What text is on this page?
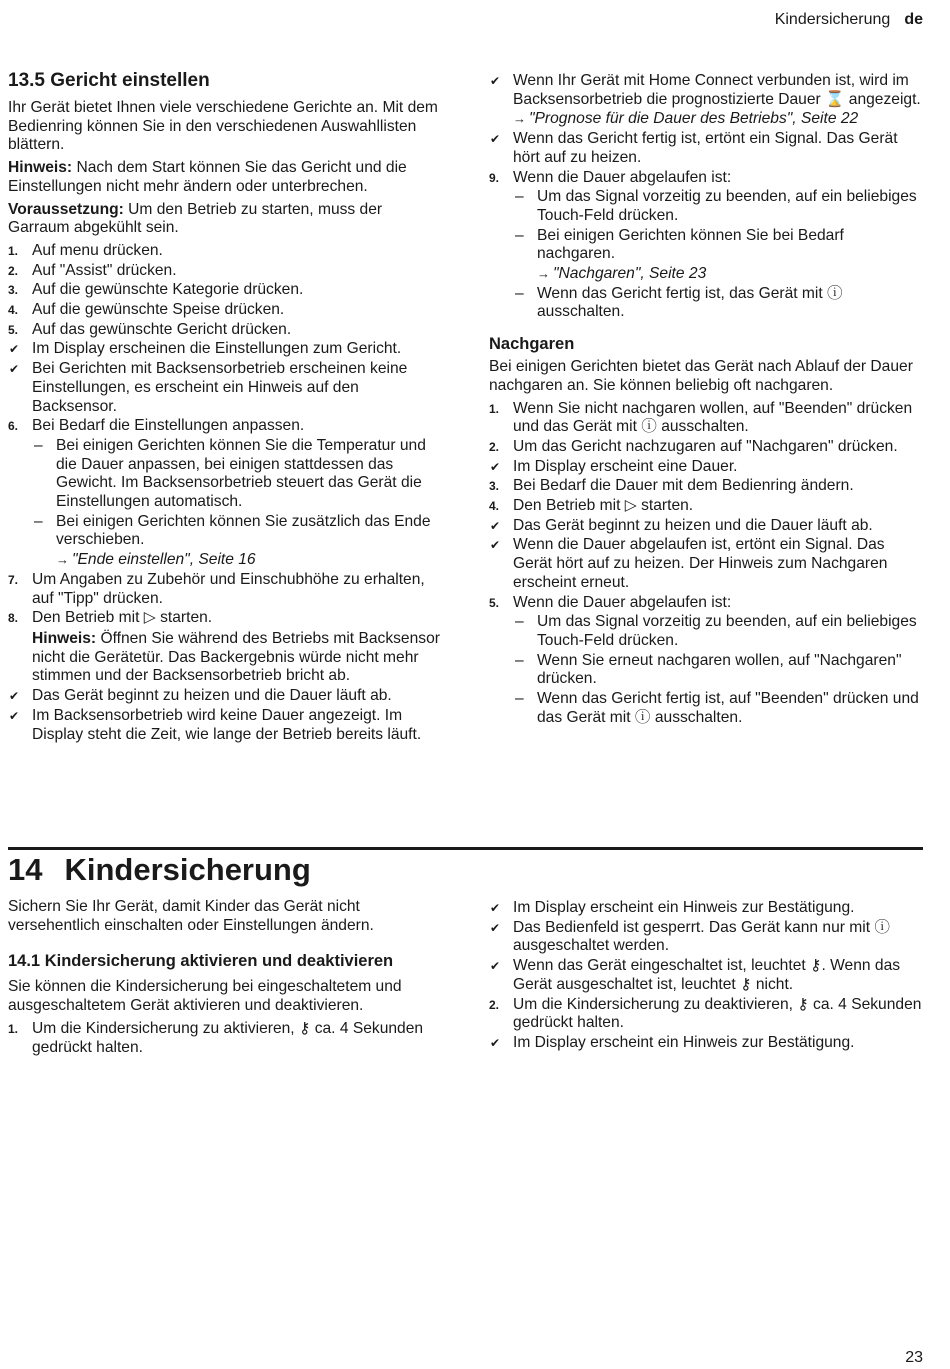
Kindersicherung de
13.5 Gericht einstellen

Ihr Gerät bietet Ihnen viele verschiedene Gerichte an. Mit dem Bedienring können Sie in den verschiedenen Auswahllisten blättern.

Hinweis: Nach dem Start können Sie das Gericht und die Einstellungen nicht mehr ändern oder unterbrechen.

Voraussetzung: Um den Betrieb zu starten, muss der Garraum abgekühlt sein.

1. Auf menu drücken.
2. Auf "Assist" drücken.
3. Auf die gewünschte Kategorie drücken.
4. Auf die gewünschte Speise drücken.
5. Auf das gewünschte Gericht drücken.
✔ Im Display erscheinen die Einstellungen zum Gericht.
✔ Bei Gerichten mit Backsensorbetrieb erscheinen keine Einstellungen, es erscheint ein Hinweis auf den Backsensor.
6. Bei Bedarf die Einstellungen anpassen.
– Bei einigen Gerichten können Sie die Temperatur und die Dauer anpassen, bei einigen stattdessen das Gewicht. Im Backsensorbetrieb steuert das Gerät die Einstellungen automatisch.
– Bei einigen Gerichten können Sie zusätzlich das Ende verschieben.
→ "Ende einstellen", Seite 16
7. Um Angaben zu Zubehör und Einschubhöhe zu erhalten, auf "Tipp" drücken.
8. Den Betrieb mit ▷ starten.
Hinweis: Öffnen Sie während des Betriebs mit Backsensor nicht die Gerätetür. Das Backergebnis würde nicht mehr stimmen und der Backsensorbetrieb bricht ab.
✔ Das Gerät beginnt zu heizen und die Dauer läuft ab.
✔ Im Backsensorbetrieb wird keine Dauer angezeigt. Im Display steht die Zeit, wie lange der Betrieb bereits läuft.
✔ Wenn Ihr Gerät mit Home Connect verbunden ist, wird im Backsensorbetrieb die prognostizierte Dauer ⌛ angezeigt.
→ "Prognose für die Dauer des Betriebs", Seite 22
✔ Wenn das Gericht fertig ist, ertönt ein Signal. Das Gerät hört auf zu heizen.
9. Wenn die Dauer abgelaufen ist:
– Um das Signal vorzeitig zu beenden, auf ein beliebiges Touch-Feld drücken.
– Bei einigen Gerichten können Sie bei Bedarf nachgaren.
→ "Nachgaren", Seite 23
– Wenn das Gericht fertig ist, das Gerät mit ⓘ ausschalten.
Nachgaren

Bei einigen Gerichten bietet das Gerät nach Ablauf der Dauer nachgaren an. Sie können beliebig oft nachgaren.

1. Wenn Sie nicht nachgaren wollen, auf "Beenden" drücken und das Gerät mit ⓘ ausschalten.
2. Um das Gericht nachzugaren auf "Nachgaren" drücken.
✔ Im Display erscheint eine Dauer.
3. Bei Bedarf die Dauer mit dem Bedienring ändern.
4. Den Betrieb mit ▷ starten.
✔ Das Gerät beginnt zu heizen und die Dauer läuft ab.
✔ Wenn die Dauer abgelaufen ist, ertönt ein Signal. Das Gerät hört auf zu heizen. Der Hinweis zum Nachgaren erscheint erneut.
5. Wenn die Dauer abgelaufen ist:
– Um das Signal vorzeitig zu beenden, auf ein beliebiges Touch-Feld drücken.
– Wenn Sie erneut nachgaren wollen, auf "Nachgaren" drücken.
– Wenn das Gericht fertig ist, auf "Beenden" drücken und das Gerät mit ⓘ ausschalten.
14 Kindersicherung

Sichern Sie Ihr Gerät, damit Kinder das Gerät nicht versehentlich einschalten oder Einstellungen ändern.

14.1 Kindersicherung aktivieren und deaktivieren

Sie können die Kindersicherung bei eingeschaltetem und ausgeschaltetem Gerät aktivieren und deaktivieren.

1. Um die Kindersicherung zu aktivieren, ⚷ ca. 4 Sekunden gedrückt halten.
✔ Im Display erscheint ein Hinweis zur Bestätigung.
✔ Das Bedienfeld ist gesperrt. Das Gerät kann nur mit ⓘ ausgeschaltet werden.
✔ Wenn das Gerät eingeschaltet ist, leuchtet ⚷. Wenn das Gerät ausgeschaltet ist, leuchtet ⚷ nicht.
2. Um die Kindersicherung zu deaktivieren, ⚷ ca. 4 Sekunden gedrückt halten.
✔ Im Display erscheint ein Hinweis zur Bestätigung.
23
